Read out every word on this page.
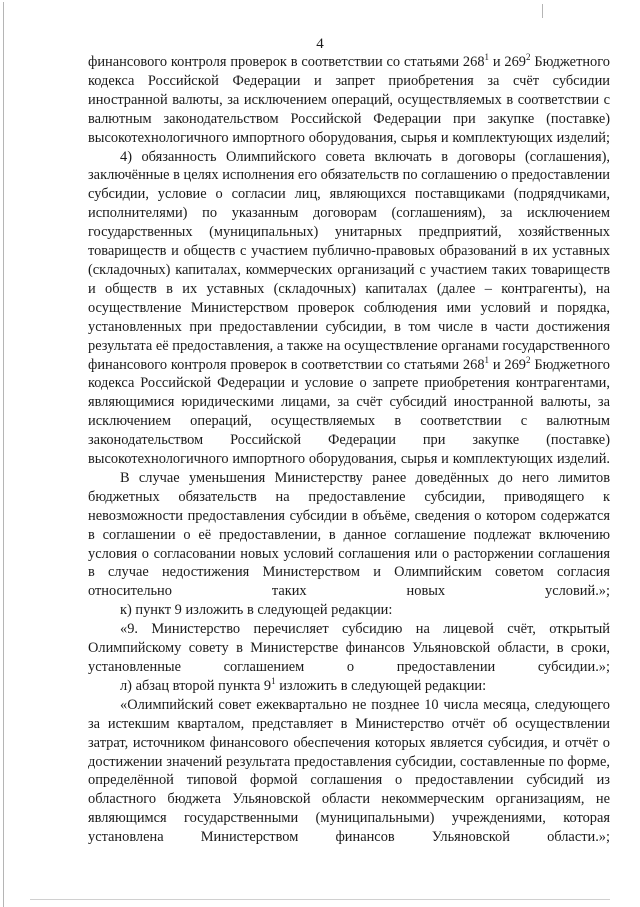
4

финансового контроля проверок в соответствии со статьями $268^1$ и $269^2$ Бюджетного кодекса Российской Федерации и запрет приобретения за счёт субсидии иностранной валюты, за исключением операций, осуществляемых в соответствии с валютным законодательством Российской Федерации при закупке (поставке) высокотехнологичного импортного оборудования, сырья и комплектующих изделий;

4) обязанность Олимпийского совета включать в договоры (соглашения), заключённые в целях исполнения его обязательств по соглашению о предоставлении субсидии, условие о согласии лиц, являющихся поставщиками (подрядчиками, исполнителями) по указанным договорам (соглашениям), за исключением государственных (муниципальных) унитарных предприятий, хозяйственных товариществ и обществ с участием публично-правовых образований в их уставных (складочных) капиталах, коммерческих организаций с участием таких товариществ и обществ в их уставных (складочных) капиталах (далее – контрагенты), на осуществление Министерством проверок соблюдения ими условий и порядка, установленных при предоставлении субсидии, в том числе в части достижения результата её предоставления, а также на осуществление органами государственного финансового контроля проверок в соответствии со статьями $268^1$ и $269^2$ Бюджетного кодекса Российской Федерации и условие о запрете приобретения контрагентами, являющимися юридическими лицами, за счёт субсидий иностранной валюты, за исключением операций, осуществляемых в соответствии с валютным законодательством Российской Федерации при закупке (поставке) высокотехнологичного импортного оборудования, сырья и комплектующих изделий.

В случае уменьшения Министерству ранее доведённых до него лимитов бюджетных обязательств на предоставление субсидии, приводящего к невозможности предоставления субсидии в объёме, сведения о котором содержатся в соглашении о её предоставлении, в данное соглашение подлежат включению условия о согласовании новых условий соглашения или о расторжении соглашения в случае недостижения Министерством и Олимпийским советом согласия относительно таких новых условий.»;

к) пункт 9 изложить в следующей редакции:

«9. Министерство перечисляет субсидию на лицевой счёт, открытый Олимпийскому совету в Министерстве финансов Ульяновской области, в сроки, установленные соглашением о предоставлении субсидии.»;

л) абзац второй пункта $9^1$ изложить в следующей редакции:

«Олимпийский совет ежеквартально не позднее 10 числа месяца, следующего за истекшим кварталом, представляет в Министерство отчёт об осуществлении затрат, источником финансового обеспечения которых является субсидия, и отчёт о достижении значений результата предоставления субсидии, составленные по форме, определённой типовой формой соглашения о предоставлении субсидий из областного бюджета Ульяновской области некоммерческим организациям, не являющимся государственными (муниципальными) учреждениями, которая установлена Министерством финансов Ульяновской области.»;
